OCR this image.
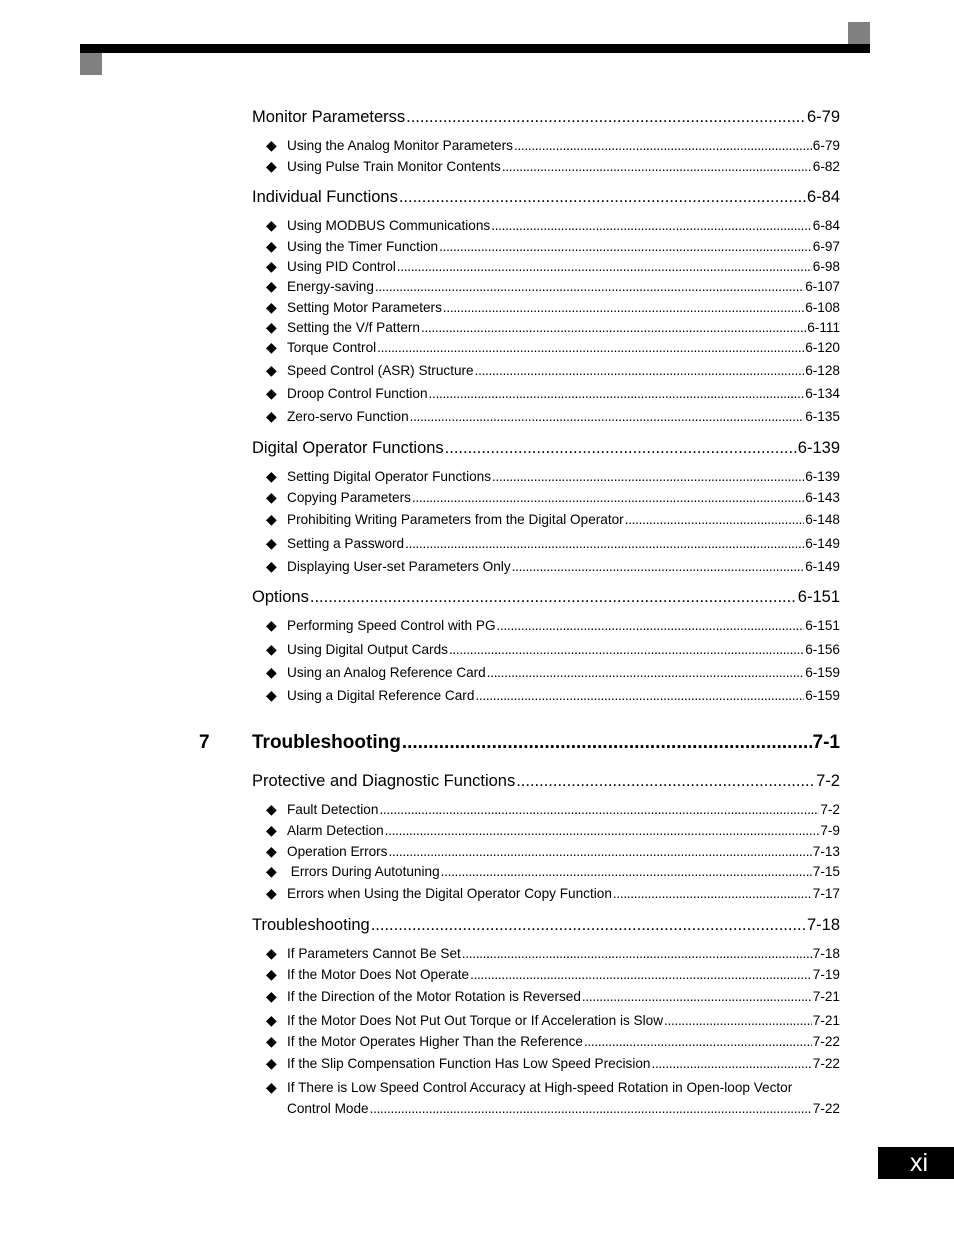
Monitor Parameterss .....	6-79
◆ Using the Analog Monitor Parameters .....	6-79
◆ Using Pulse Train Monitor Contents .....	6-82
Individual Functions .....	6-84
◆ Using MODBUS Communications .....	6-84
◆ Using the Timer Function .....	6-97
◆ Using PID Control .....	6-98
◆ Energy-saving .....	6-107
◆ Setting Motor Parameters .....	6-108
◆ Setting the V/f Pattern .....	6-111
◆ Torque Control .....	6-120
◆ Speed Control (ASR) Structure .....	6-128
◆ Droop Control Function .....	6-134
◆ Zero-servo Function .....	6-135
Digital Operator Functions .....	6-139
◆ Setting Digital Operator Functions .....	6-139
◆ Copying Parameters .....	6-143
◆ Prohibiting Writing Parameters from the Digital Operator .....	6-148
◆ Setting a Password .....	6-149
◆ Displaying User-set Parameters Only .....	6-149
Options .....	6-151
◆ Performing Speed Control with PG .....	6-151
◆ Using Digital Output Cards .....	6-156
◆ Using an Analog Reference Card .....	6-159
◆ Using a Digital Reference Card .....	6-159
7 Troubleshooting .....	7-1
Protective and Diagnostic Functions .....	7-2
◆ Fault Detection .....	7-2
◆ Alarm Detection .....	7-9
◆ Operation Errors .....	7-13
◆ Errors During Autotuning .....	7-15
◆ Errors when Using the Digital Operator Copy Function .....	7-17
Troubleshooting .....	7-18
◆ If Parameters Cannot Be Set .....	7-18
◆ If the Motor Does Not Operate .....	7-19
◆ If the Direction of the Motor Rotation is Reversed .....	7-21
◆ If the Motor Does Not Put Out Torque or If Acceleration is Slow .....	7-21
◆ If the Motor Operates Higher Than the Reference .....	7-22
◆ If the Slip Compensation Function Has Low Speed Precision .....	7-22
◆ If There is Low Speed Control Accuracy at High-speed Rotation in Open-loop Vector
Control Mode .....	7-22
xi
